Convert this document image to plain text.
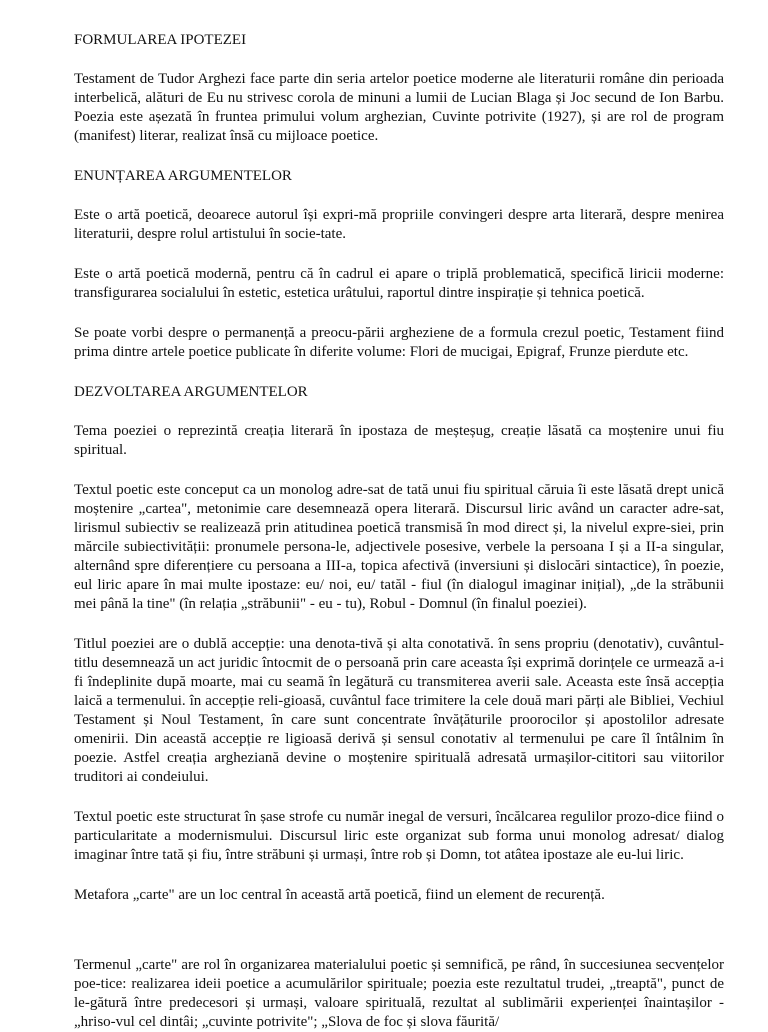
FORMULAREA IPOTEZEI
Testament de Tudor Arghezi face parte din seria artelor poetice moderne ale literaturii române din perioada interbelică, alături de Eu nu strivesc corola de minuni a lumii de Lucian Blaga și Joc secund de Ion Barbu. Poezia este așezată în fruntea primului volum arghezian, Cuvinte potrivite (1927), și are rol de program (manifest) literar, realizat însă cu mijloace poetice.
ENUNȚAREA ARGUMENTELOR
Este o artă poetică, deoarece autorul își expri-mă propriile convingeri despre arta literară, despre menirea literaturii, despre rolul artistului în socie-tate.
Este o artă poetică modernă, pentru că în cadrul ei apare o triplă problematică, specifică liricii moderne: transfigurarea socialului în estetic, estetica urâtului, raportul dintre inspirație și tehnica poetică.
Se poate vorbi despre o permanență a preocu-pării argheziene de a formula crezul poetic, Testament fiind prima dintre artele poetice publicate în diferite volume: Flori de mucigai, Epigraf, Frunze pierdute etc.
DEZVOLTAREA ARGUMENTELOR
Tema poeziei o reprezintă creația literară în ipostaza de meșteșug, creație lăsată ca moștenire unui fiu spiritual.
Textul poetic este conceput ca un monolog adre-sat de tată unui fiu spiritual căruia îi este lăsată drept unică moștenire „cartea", metonimie care desemnează opera literară. Discursul liric având un caracter adre-sat, lirismul subiectiv se realizează prin atitudinea poetică transmisă în mod direct și, la nivelul expre-siei, prin mărcile subiectivității: pronumele persona-le, adjectivele posesive, verbele la persoana I și a II-a singular, alternând spre diferențiere cu persoana a III-a, topica afectivă (inversiuni și dislocări sintactice), în poezie, eul liric apare în mai multe ipostaze: eu/ noi, eu/ tatăl - fiul (în dialogul imaginar inițial), „de la străbunii mei până la tine" (în relația „străbunii" - eu - tu), Robul - Domnul (în finalul poeziei).
Titlul poeziei are o dublă accepție: una denota-tivă și alta conotativă. în sens propriu (denotativ), cuvântul-titlu desemnează un act juridic întocmit de o persoană prin care aceasta își exprimă dorințele ce urmează a-i fi îndeplinite după moarte, mai cu seamă în legătură cu transmiterea averii sale. Aceasta este însă accepția laică a termenului. în accepție reli-gioasă, cuvântul face trimitere la cele două mari părți ale Bibliei, Vechiul Testament și Noul Testament, în care sunt concentrate învățăturile proorocilor și apostolilor adresate omenirii. Din această accepție re ligioasă derivă și sensul conotativ al termenului pe care îl întâlnim în poezie. Astfel creația argheziană devine o moștenire spirituală adresată urmașilor-cititori sau viitorilor truditori ai condeiului.
Textul poetic este structurat în șase strofe cu număr inegal de versuri, încălcarea regulilor prozo-dice fiind o particularitate a modernismului. Discursul liric este organizat sub forma unui monolog adresat/ dialog imaginar între tată și fiu, între străbuni și urmași, între rob și Domn, tot atâtea ipostaze ale eu-lui liric.
Metafora „carte" are un loc central în această artă poetică, fiind un element de recurență.
Termenul „carte" are rol în organizarea materialului poetic și semnifică, pe rând, în succesiunea secvențelor poe-tice: realizarea ideii poetice a acumulărilor spirituale; poezia este rezultatul trudei, „treaptă", punct de le-gătură între predecesori și urmași, valoare spirituală, rezultat al sublimării experienței înaintașilor - „hriso-vul cel dintâi; „cuvinte potrivite"; „Slova de foc și slova făurită/
